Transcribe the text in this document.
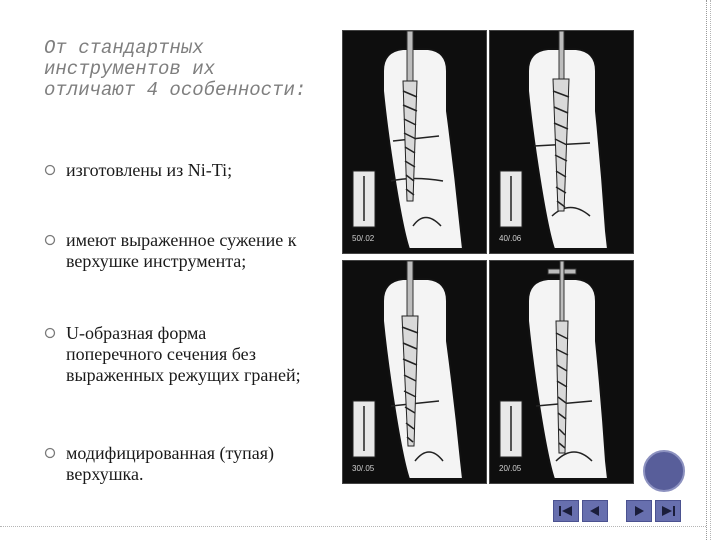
От стандартных инструментов их отличают 4 особенности:
изготовлены из Ni-Ti;
имеют выраженное сужение к верхушке инструмента;
U-образная форма поперечного сечения без выраженных режущих граней;
модифицированная (тупая) верхушка.
50/.02	40/.06
30/.05	20/.05
